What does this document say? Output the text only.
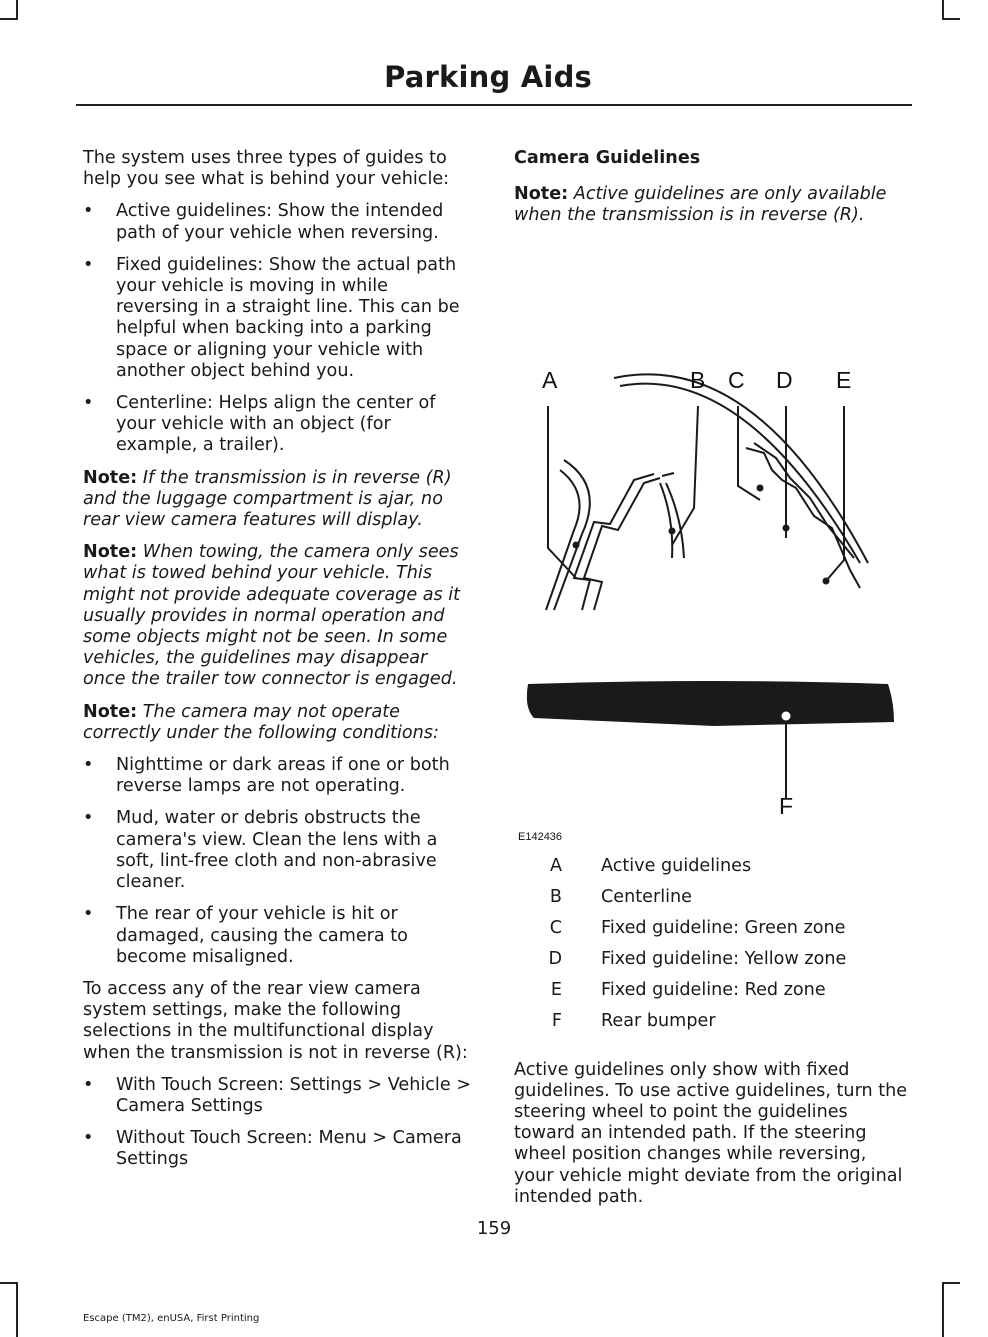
Parking Aids

The system uses three types of guides to help you see what is behind your vehicle:

• Active guidelines: Show the intended path of your vehicle when reversing.
• Fixed guidelines: Show the actual path your vehicle is moving in while reversing in a straight line. This can be helpful when backing into a parking space or aligning your vehicle with another object behind you.
• Centerline: Helps align the center of your vehicle with an object (for example, a trailer).

Note: If the transmission is in reverse (R) and the luggage compartment is ajar, no rear view camera features will display.

Note: When towing, the camera only sees what is towed behind your vehicle. This might not provide adequate coverage as it usually provides in normal operation and some objects might not be seen. In some vehicles, the guidelines may disappear once the trailer tow connector is engaged.

Note: The camera may not operate correctly under the following conditions:

• Nighttime or dark areas if one or both reverse lamps are not operating.
• Mud, water or debris obstructs the camera's view. Clean the lens with a soft, lint-free cloth and non-abrasive cleaner.
• The rear of your vehicle is hit or damaged, causing the camera to become misaligned.

To access any of the rear view camera system settings, make the following selections in the multifunctional display when the transmission is not in reverse (R):

• With Touch Screen: Settings > Vehicle > Camera Settings
• Without Touch Screen: Menu > Camera Settings
Camera Guidelines

Note: Active guidelines are only available when the transmission is in reverse (R).

A	B C D E
F
E142436
A	Active guidelines
B	Centerline
C	Fixed guideline: Green zone
D	Fixed guideline: Yellow zone
E	Fixed guideline: Red zone
F	Rear bumper

Active guidelines only show with fixed guidelines. To use active guidelines, turn the steering wheel to point the guidelines toward an intended path. If the steering wheel position changes while reversing, your vehicle might deviate from the original intended path.

159
Escape (TM2), enUSA, First Printing
